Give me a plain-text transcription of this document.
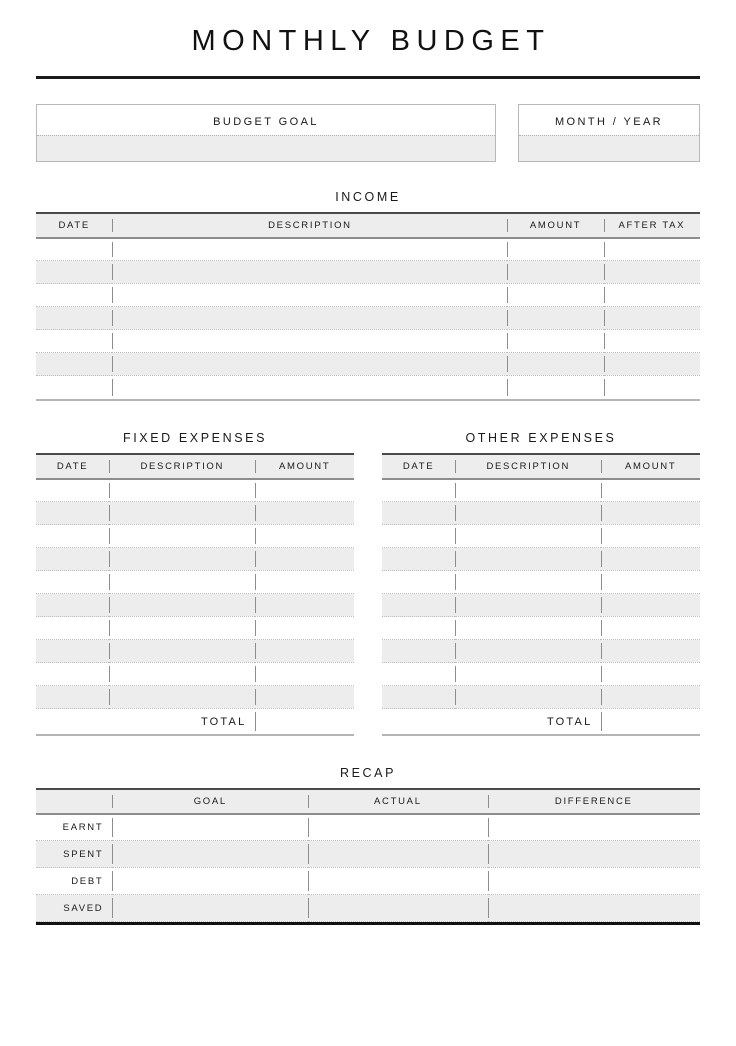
MONTHLY BUDGET
BUDGET GOAL	MONTH / YEAR
INCOME
DATE	DESCRIPTION	AMOUNT	AFTER TAX

FIXED EXPENSES
DATE	DESCRIPTION	AMOUNT

	TOTAL	
OTHER EXPENSES
DATE	DESCRIPTION	AMOUNT

	TOTAL	
RECAP
	GOAL	ACTUAL	DIFFERENCE
EARNT			
SPENT			
DEBT			
SAVED			
